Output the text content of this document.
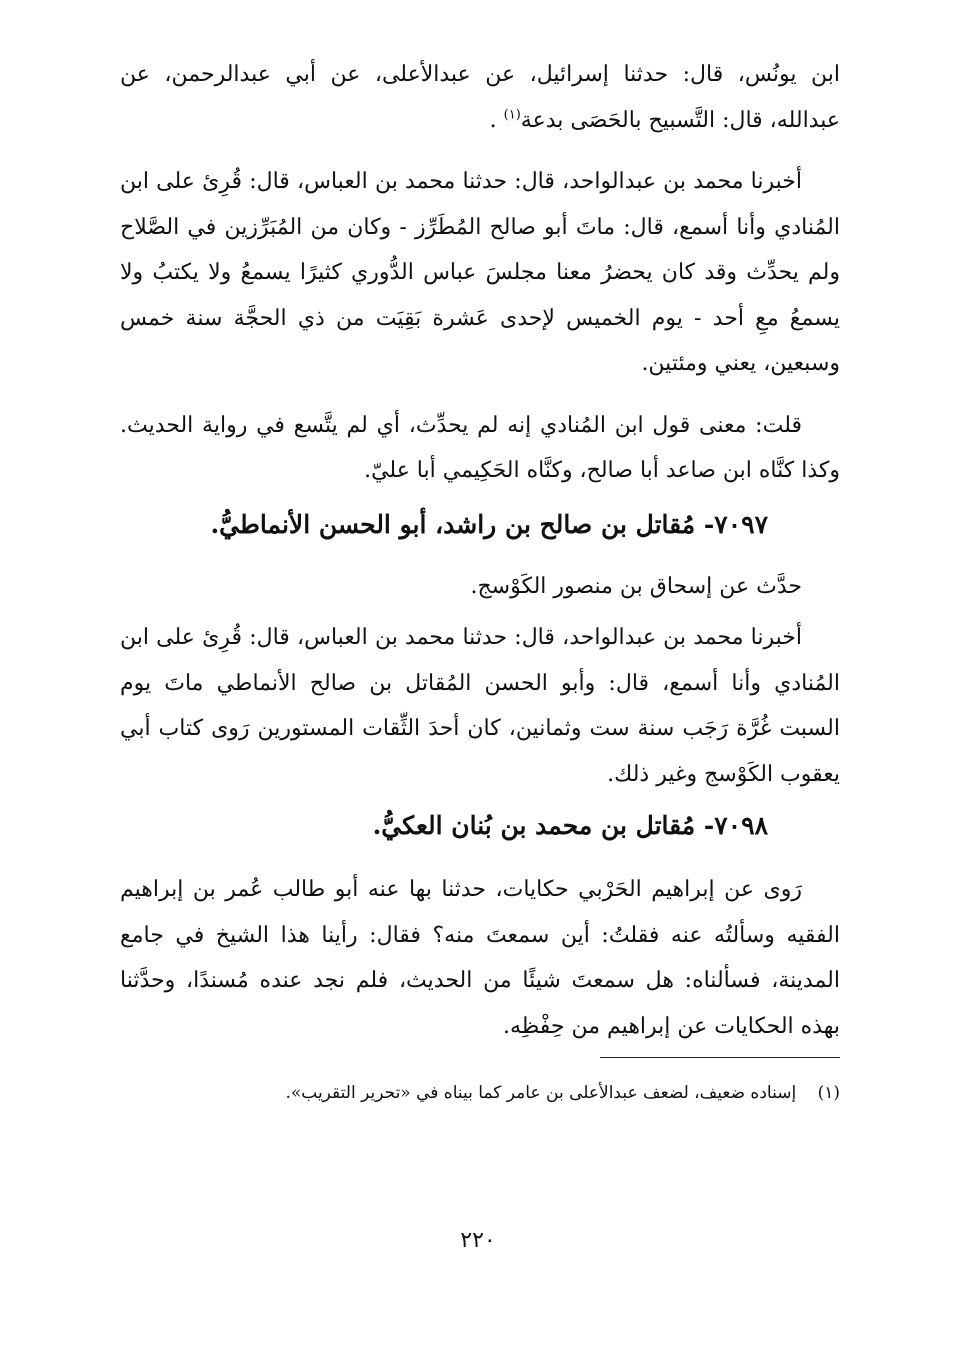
ابن يونُس، قال: حدثنا إسرائيل، عن عبدالأعلى، عن أبي عبدالرحمن، عن عبدالله، قال: التَّسبيح بالحَصَى بدعة$^{(١)}$ .

أخبرنا محمد بن عبدالواحد، قال: حدثنا محمد بن العباس، قال: قُرِئ على ابن المُنادي وأنا أسمع، قال: ماتَ أبو صالح المُطَرِّز - وكان من المُبَرِّزين في الصَّلاح ولم يحدِّث وقد كان يحضرُ معنا مجلسَ عباس الدُّوري كثيرًا يسمعُ ولا يكتبُ ولا يسمعُ معِ أحد - يوم الخميس لإحدى عَشرة بَقِيَت من ذي الحجَّة سنة خمس وسبعين، يعني ومئتين.

قلت: معنى قول ابن المُنادي إنه لم يحدِّث، أي لم يتَّسع في رواية الحديث. وكذا كنَّاه ابن صاعد أبا صالح، وكنَّاه الحَكِيمي أبا عليّ.

٧٠٩٧- مُقاتل بن صالح بن راشد، أبو الحسن الأنماطيُّ.

حدَّث عن إسحاق بن منصور الكَوْسج.

أخبرنا محمد بن عبدالواحد، قال: حدثنا محمد بن العباس، قال: قُرِئ على ابن المُنادي وأنا أسمع، قال: وأبو الحسن المُقاتل بن صالح الأنماطي ماتَ يوم السبت غُرَّة رَجَب سنة ست وثمانين، كان أحدَ الثِّقات المستورين رَوى كتاب أبي يعقوب الكَوْسج وغير ذلك.

٧٠٩٨- مُقاتل بن محمد بن بُنان العكيُّ.

رَوى عن إبراهيم الحَرْبي حكايات، حدثنا بها عنه أبو طالب عُمر بن إبراهيم الفقيه وسألتُه عنه فقلتُ: أين سمعتَ منه؟ فقال: رأينا هذا الشيخ في جامع المدينة، فسألناه: هل سمعتَ شيئًا من الحديث، فلم نجد عنده مُسندًا، وحدَّثنا بهذه الحكايات عن إبراهيم من حِفْظِه.

(١) إسناده ضعيف، لضعف عبدالأعلى بن عامر كما بيناه في «تحرير التقريب».
٢٢٠
